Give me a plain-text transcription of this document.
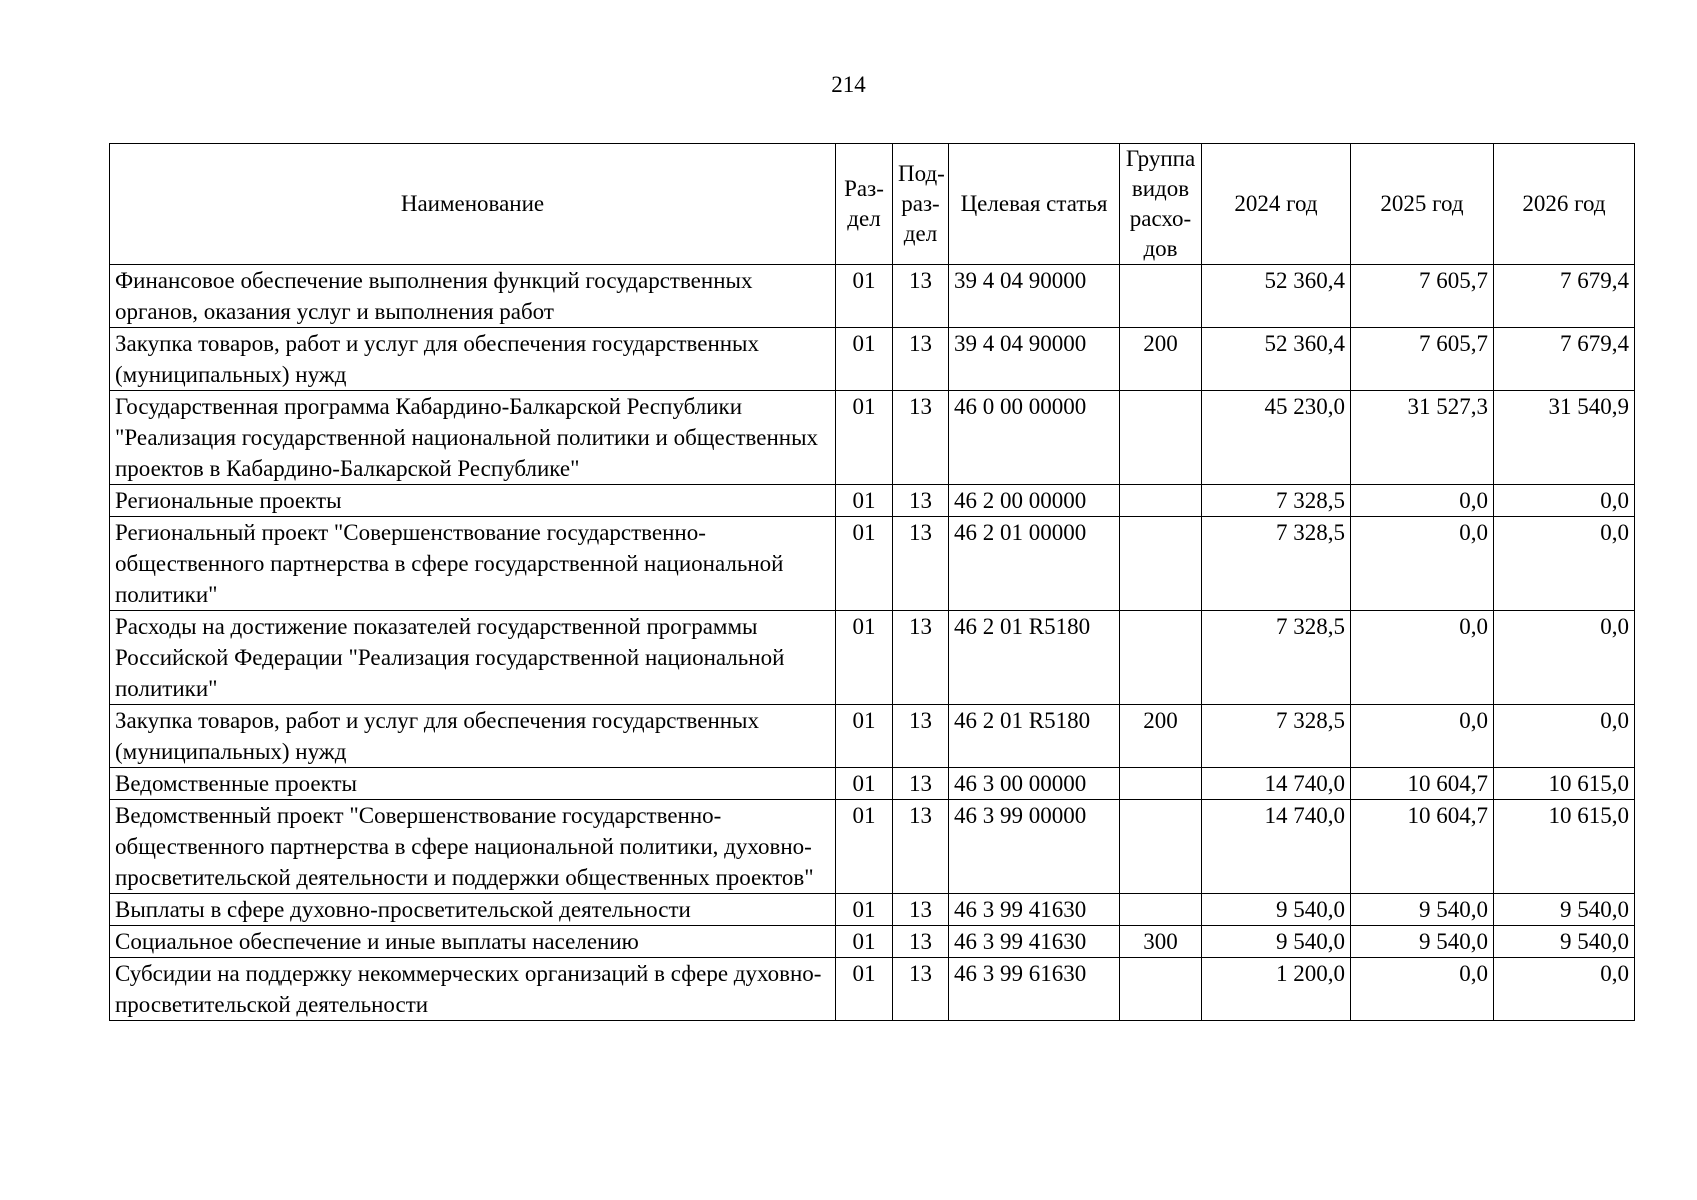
214
Наименование	Раз-дел	Под-раз-дел	Целевая статья	Группа видов расхо-дов	2024 год	2025 год	2026 год
Финансовое обеспечение выполнения функций государственных органов, оказания услуг и выполнения работ	01	13	39 4 04 90000		52 360,4	7 605,7	7 679,4
Закупка товаров, работ и услуг для обеспечения государственных (муниципальных) нужд	01	13	39 4 04 90000	200	52 360,4	7 605,7	7 679,4
Государственная программа Кабардино-Балкарской Республики "Реализация государственной национальной политики и общественных проектов в Кабардино-Балкарской Республике"	01	13	46 0 00 00000		45 230,0	31 527,3	31 540,9
Региональные проекты	01	13	46 2 00 00000		7 328,5	0,0	0,0
Региональный проект "Совершенствование государственно-общественного партнерства в сфере государственной национальной политики"	01	13	46 2 01 00000		7 328,5	0,0	0,0
Расходы на достижение показателей государственной программы Российской Федерации "Реализация государственной национальной политики"	01	13	46 2 01 R5180		7 328,5	0,0	0,0
Закупка товаров, работ и услуг для обеспечения государственных (муниципальных) нужд	01	13	46 2 01 R5180	200	7 328,5	0,0	0,0
Ведомственные проекты	01	13	46 3 00 00000		14 740,0	10 604,7	10 615,0
Ведомственный проект "Совершенствование государственно-общественного партнерства в сфере национальной политики, духовно-просветительской деятельности и поддержки общественных проектов"	01	13	46 3 99 00000		14 740,0	10 604,7	10 615,0
Выплаты в сфере духовно-просветительской деятельности	01	13	46 3 99 41630		9 540,0	9 540,0	9 540,0
Социальное обеспечение и иные выплаты населению	01	13	46 3 99 41630	300	9 540,0	9 540,0	9 540,0
Субсидии на поддержку некоммерческих организаций в сфере духовно-просветительской деятельности	01	13	46 3 99 61630		1 200,0	0,0	0,0
